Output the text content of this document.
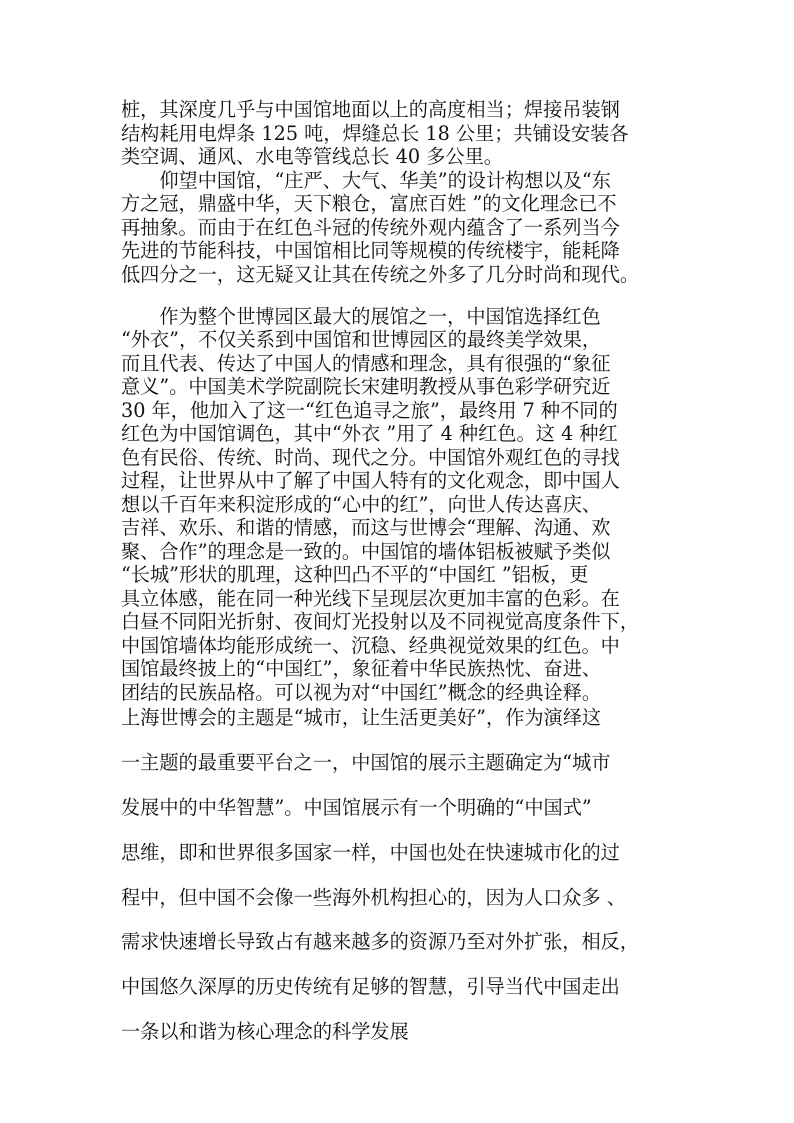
桩，其深度几乎与中国馆地面以上的高度相当；焊接吊装钢
结构耗用电焊条 125 吨，焊缝总长 18 公里；共铺设安装各
类空调、通风、水电等管线总长 40 多公里。
　　仰望中国馆，“庄严、大气、华美”的设计构想以及“东
方之冠，鼎盛中华，天下粮仓，富庶百姓 ”的文化理念已不
再抽象。而由于在红色斗冠的传统外观内蕴含了一系列当今
先进的节能科技，中国馆相比同等规模的传统楼宇，能耗降
低四分之一，这无疑又让其在传统之外多了几分时尚和现代。
　　作为整个世博园区最大的展馆之一，中国馆选择红色
“外衣”，不仅关系到中国馆和世博园区的最终美学效果，
而且代表、传达了中国人的情感和理念，具有很强的“象征
意义”。中国美术学院副院长宋建明教授从事色彩学研究近
30 年，他加入了这一“红色追寻之旅”，最终用 7 种不同的
红色为中国馆调色，其中“外衣 ”用了 4 种红色。这 4 种红
色有民俗、传统、时尚、现代之分。中国馆外观红色的寻找
过程，让世界从中了解了中国人特有的文化观念，即中国人
想以千百年来积淀形成的“心中的红”，向世人传达喜庆、
吉祥、欢乐、和谐的情感，而这与世博会“理解、沟通、欢
聚、合作”的理念是一致的。中国馆的墙体铝板被赋予类似
“长城”形状的肌理，这种凹凸不平的“中国红 ”铝板，更
具立体感，能在同一种光线下呈现层次更加丰富的色彩。在
白昼不同阳光折射、夜间灯光投射以及不同视觉高度条件下，
中国馆墙体均能形成统一、沉稳、经典视觉效果的红色。中
国馆最终披上的“中国红”，象征着中华民族热忱、奋进、
团结的民族品格。可以视为对“中国红”概念的经典诠释。
上海世博会的主题是“城市，让生活更美好”，作为演绎这
一主题的最重要平台之一，中国馆的展示主题确定为“城市
发展中的中华智慧”。中国馆展示有一个明确的“中国式”
思维，即和世界很多国家一样，中国也处在快速城市化的过
程中，但中国不会像一些海外机构担心的，因为人口众多 、
需求快速增长导致占有越来越多的资源乃至对外扩张，相反，
中国悠久深厚的历史传统有足够的智慧，引导当代中国走出
一条以和谐为核心理念的科学发展
